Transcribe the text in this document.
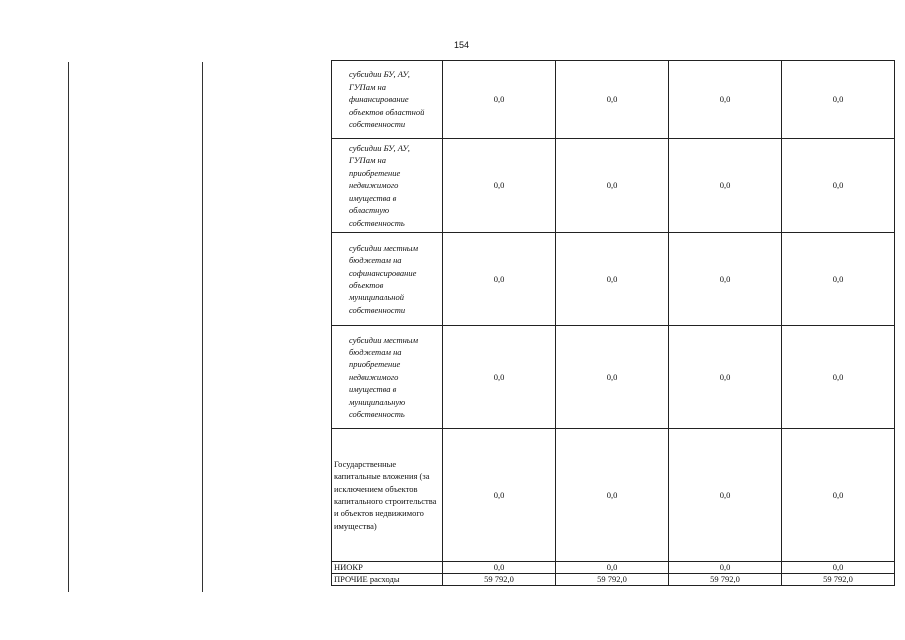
154
субсидии БУ, АУ, ГУПам на финансирование объектов областной собственности	0,0	0,0	0,0	0,0

субсидии БУ, АУ, ГУПам на приобретение недвижимого имущества в областную собственность	0,0	0,0	0,0	0,0

субсидии местным бюджетам на софинансирование объектов муниципальной собственности	0,0	0,0	0,0	0,0

субсидии местным бюджетам на приобретение недвижимого имущества в муниципальную собственность	0,0	0,0	0,0	0,0

Государственные капитальные вложения (за исключением объектов капитального строительства и объектов недвижимого имущества)	0,0	0,0	0,0	0,0

НИОКР	0,0	0,0	0,0	0,0

ПРОЧИЕ расходы	59 792,0	59 792,0	59 792,0	59 792,0
